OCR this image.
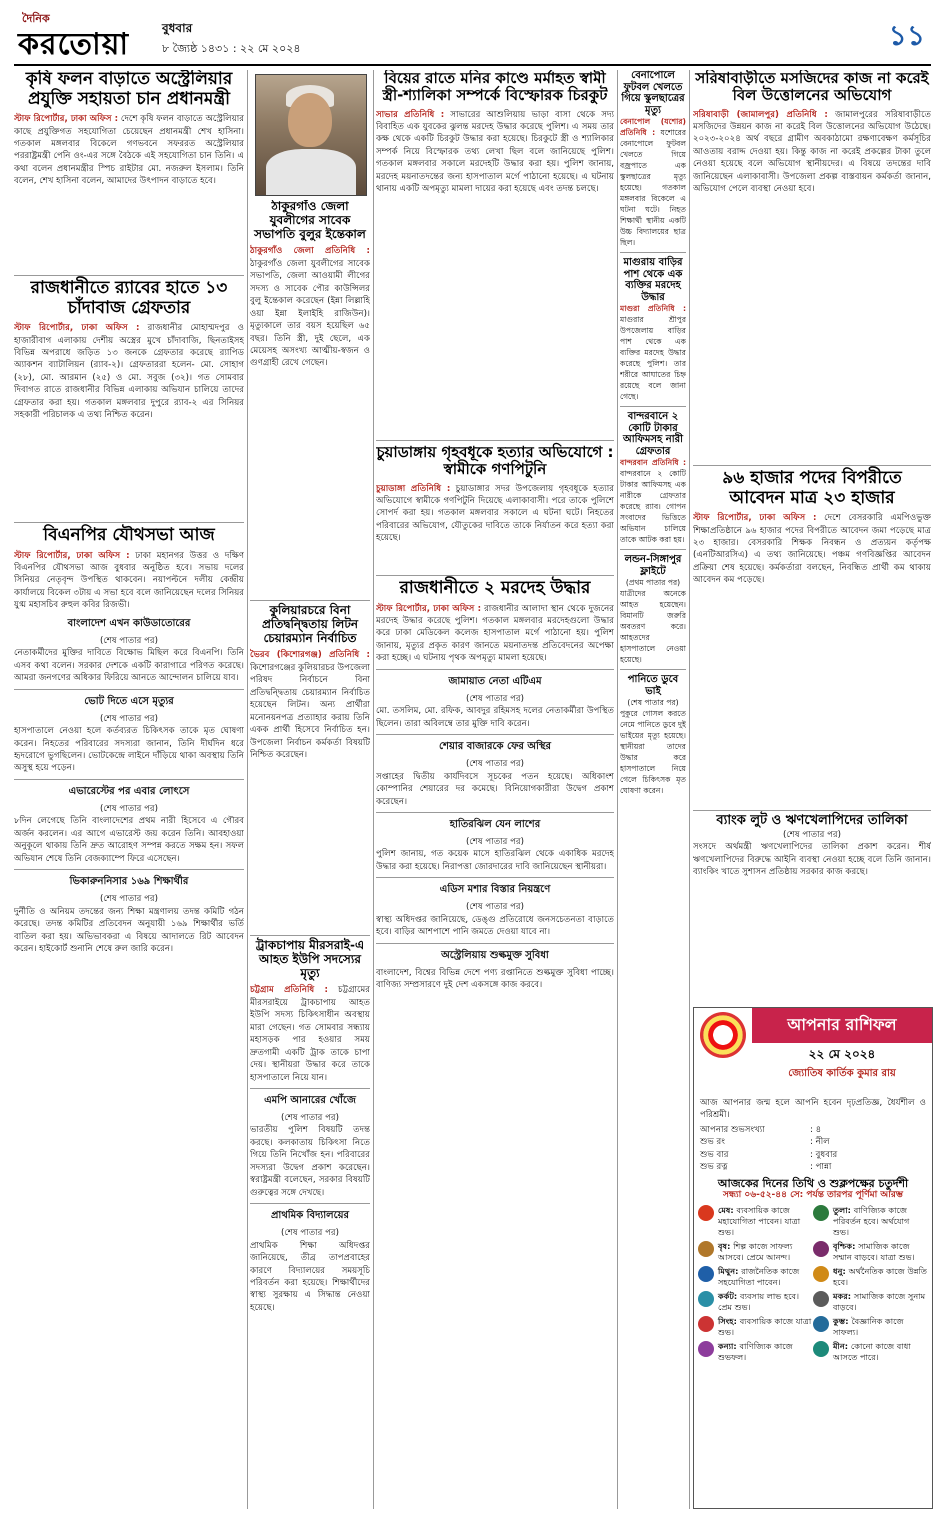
দৈনিক
করতোয়া	বুধবার
৮ জ্যৈষ্ঠ ১৪৩১ : ২২ মে ২০২৪	১১
কৃষি ফলন বাড়াতে অস্ট্রেলিয়ার প্রযুক্তি সহায়তা চান প্রধানমন্ত্রী
স্টাফ রিপোর্টার, ঢাকা অফিস : দেশে কৃষি ফলন বাড়াতে অস্ট্রেলিয়ার কাছে প্রযুক্তিগত সহযোগিতা চেয়েছেন প্রধানমন্ত্রী শেখ হাসিনা। গতকাল মঙ্গলবার বিকেলে গণভবনে সফররত অস্ট্রেলিয়ার পররাষ্ট্রমন্ত্রী পেনি ওং-এর সঙ্গে বৈঠকে এই সহযোগিতা চান তিনি। এ কথা বলেন প্রধানমন্ত্রীর স্পিচ রাইটার মো. নজরুল ইসলাম। তিনি বলেন, শেখ হাসিনা বলেন, আমাদের উৎপাদন বাড়াতে হবে।
রাজধানীতে র‍্যাবের হাতে ১৩ চাঁদাবাজ গ্রেফতার
স্টাফ রিপোর্টার, ঢাকা অফিস : রাজধানীর মোহাম্মদপুর ও হাজারীবাগ এলাকায় দেশীয় অস্ত্রের মুখে চাঁদাবাজি, ছিনতাইসহ বিভিন্ন অপরাধে জড়িত ১৩ জনকে গ্রেফতার করেছে র‍্যাপিড অ্যাকশন ব্যাটালিয়ন (র‍্যাব-২)। গ্রেফতাররা হলেন- মো. সোহাগ (২৮), মো. আরমান (২৫) ও মো. সবুজ (৩২)। গত সোমবার দিবাগত রাতে রাজধানীর বিভিন্ন এলাকায় অভিযান চালিয়ে তাদের গ্রেফতার করা হয়। গতকাল মঙ্গলবার দুপুরে র‍্যাব-২ এর সিনিয়র সহকারী পরিচালক এ তথ্য নিশ্চিত করেন।
বিএনপির যৌথসভা আজ
স্টাফ রিপোর্টার, ঢাকা অফিস : ঢাকা মহানগর উত্তর ও দক্ষিণ বিএনপির যৌথসভা আজ বুধবার অনুষ্ঠিত হবে। সভায় দলের সিনিয়র নেতৃবৃন্দ উপস্থিত থাকবেন। নয়াপল্টনে দলীয় কেন্দ্রীয় কার্যালয়ে বিকেল ৩টায় এ সভা হবে বলে জানিয়েছেন দলের সিনিয়র যুগ্ম মহাসচিব রুহুল কবির রিজভী।
বাংলাদেশ এখন কাউডাতোরের
(শেষ পাতার পর)
নেতাকর্মীদের মুক্তির দাবিতে বিক্ষোভ মিছিল করে বিএনপি। তিনি এসব কথা বলেন। সরকার দেশকে একটি কারাগারে পরিণত করেছে। আমরা জনগণের অধিকার ফিরিয়ে আনতে আন্দোলন চালিয়ে যাব।
ভোট দিতে এসে মৃত্যুর
(শেষ পাতার পর)
হাসপাতালে নেওয়া হলে কর্তব্যরত চিকিৎসক তাকে মৃত ঘোষণা করেন। নিহতের পরিবারের সদস্যরা জানান, তিনি দীর্ঘদিন ধরে হৃদরোগে ভুগছিলেন। ভোটকেন্দ্রে লাইনে দাঁড়িয়ে থাকা অবস্থায় তিনি অসুস্থ হয়ে পড়েন।
এভারেস্টের পর এবার লোৎসে
(শেষ পাতার পর)
৮দিন লেগেছে তিনি বাংলাদেশের প্রথম নারী হিসেবে এ গৌরব অর্জন করলেন। এর আগে এভারেস্ট জয় করেন তিনি। আবহাওয়া অনুকূলে থাকায় তিনি দ্রুত আরোহণ সম্পন্ন করতে সক্ষম হন। সফল অভিযান শেষে তিনি বেজক্যাম্পে ফিরে এসেছেন।
ভিকারুননিসার ১৬৯ শিক্ষার্থীর
(শেষ পাতার পর)
দুর্নীতি ও অনিয়ম তদন্তের জন্য শিক্ষা মন্ত্রণালয় তদন্ত কমিটি গঠন করেছে। তদন্ত কমিটির প্রতিবেদন অনুযায়ী ১৬৯ শিক্ষার্থীর ভর্তি বাতিল করা হয়। অভিভাবকরা এ বিষয়ে আদালতে রিট আবেদন করেন। হাইকোর্ট শুনানি শেষে রুল জারি করেন।
ঠাকুরগাঁও জেলা যুবলীগের সাবেক সভাপতি বুলুর ইন্তেকাল
ঠাকুরগাঁও জেলা প্রতিনিধি : ঠাকুরগাঁও জেলা যুবলীগের সাবেক সভাপতি, জেলা আওয়ামী লীগের সদস্য ও সাবেক পৌর কাউন্সিলর বুলু ইন্তেকাল করেছেন (ইন্না লিল্লাহি ওয়া ইন্না ইলাইহি রাজিউন)। মৃত্যুকালে তার বয়স হয়েছিল ৬৫ বছর। তিনি স্ত্রী, দুই ছেলে, এক মেয়েসহ অসংখ্য আত্মীয়-স্বজন ও গুণগ্রাহী রেখে গেছেন।
কুলিয়ারচরে বিনা প্রতিদ্বন্দ্বিতায় লিটন চেয়ারম্যান নির্বাচিত
ভৈরব (কিশোরগঞ্জ) প্রতিনিধি : কিশোরগঞ্জের কুলিয়ারচর উপজেলা পরিষদ নির্বাচনে বিনা প্রতিদ্বন্দ্বিতায় চেয়ারম্যান নির্বাচিত হয়েছেন লিটন। অন্য প্রার্থীরা মনোনয়নপত্র প্রত্যাহার করায় তিনি একক প্রার্থী হিসেবে নির্বাচিত হন। উপজেলা নির্বাচন কর্মকর্তা বিষয়টি নিশ্চিত করেছেন।
ট্রাকচাপায় মীরসরাই-এ আহত ইউপি সদস্যের মৃত্যু
চট্টগ্রাম প্রতিনিধি : চট্টগ্রামের মীরসরাইয়ে ট্রাকচাপায় আহত ইউপি সদস্য চিকিৎসাধীন অবস্থায় মারা গেছেন। গত সোমবার সন্ধ্যায় মহাসড়ক পার হওয়ার সময় দ্রুতগামী একটি ট্রাক তাকে চাপা দেয়। স্থানীয়রা উদ্ধার করে তাকে হাসপাতালে নিয়ে যান।
এমপি আনারের খোঁজে
(শেষ পাতার পর)
ভারতীয় পুলিশ বিষয়টি তদন্ত করছে। কলকাতায় চিকিৎসা নিতে গিয়ে তিনি নিখোঁজ হন। পরিবারের সদস্যরা উদ্বেগ প্রকাশ করেছেন। স্বরাষ্ট্রমন্ত্রী বলেছেন, সরকার বিষয়টি গুরুত্বের সঙ্গে দেখছে।
প্রাথমিক বিদ্যালয়ের
(শেষ পাতার পর)
প্রাথমিক শিক্ষা অধিদপ্তর জানিয়েছে, তীব্র তাপপ্রবাহের কারণে বিদ্যালয়ের সময়সূচি পরিবর্তন করা হয়েছে। শিক্ষার্থীদের স্বাস্থ্য সুরক্ষায় এ সিদ্ধান্ত নেওয়া হয়েছে।
বিয়ের রাতে মনির কাণ্ডে মর্মাহত স্বামী স্ত্রী-শ্যালিকা সম্পর্কে বিস্ফোরক চিরকুট
সাভার প্রতিনিধি : সাভারের আশুলিয়ায় ভাড়া বাসা থেকে সদ্য বিবাহিত এক যুবকের ঝুলন্ত মরদেহ উদ্ধার করেছে পুলিশ। এ সময় তার কক্ষ থেকে একটি চিরকুট উদ্ধার করা হয়েছে। চিরকুটে স্ত্রী ও শ্যালিকার সম্পর্ক নিয়ে বিস্ফোরক তথ্য লেখা ছিল বলে জানিয়েছে পুলিশ। গতকাল মঙ্গলবার সকালে মরদেহটি উদ্ধার করা হয়। পুলিশ জানায়, মরদেহ ময়নাতদন্তের জন্য হাসপাতাল মর্গে পাঠানো হয়েছে। এ ঘটনায় থানায় একটি অপমৃত্যু মামলা দায়ের করা হয়েছে এবং তদন্ত চলছে।
চুয়াডাঙ্গায় গৃহবধূকে হত্যার অভিযোগে : স্বামীকে গণপিটুনি
চুয়াডাঙ্গা প্রতিনিধি : চুয়াডাঙ্গার সদর উপজেলায় গৃহবধূকে হত্যার অভিযোগে স্বামীকে গণপিটুনি দিয়েছে এলাকাবাসী। পরে তাকে পুলিশে সোপর্দ করা হয়। গতকাল মঙ্গলবার সকালে এ ঘটনা ঘটে। নিহতের পরিবারের অভিযোগ, যৌতুকের দাবিতে তাকে নির্যাতন করে হত্যা করা হয়েছে।
রাজধানীতে ২ মরদেহ উদ্ধার
স্টাফ রিপোর্টার, ঢাকা অফিস : রাজধানীর আলাদা স্থান থেকে দুজনের মরদেহ উদ্ধার করেছে পুলিশ। গতকাল মঙ্গলবার মরদেহগুলো উদ্ধার করে ঢাকা মেডিকেল কলেজ হাসপাতাল মর্গে পাঠানো হয়। পুলিশ জানায়, মৃত্যুর প্রকৃত কারণ জানতে ময়নাতদন্ত প্রতিবেদনের অপেক্ষা করা হচ্ছে। এ ঘটনায় পৃথক অপমৃত্যু মামলা হয়েছে।
জামায়াত নেতা এটিএম
(শেষ পাতার পর)
মো. তসলিম, মো. রফিক, আবদুর রহিমসহ দলের নেতাকর্মীরা উপস্থিত ছিলেন। তারা অবিলম্বে তার মুক্তি দাবি করেন।
শেয়ার বাজারকে ফের অস্থির
(শেষ পাতার পর)
সপ্তাহের দ্বিতীয় কার্যদিবসে সূচকের পতন হয়েছে। অধিকাংশ কোম্পানির শেয়ারের দর কমেছে। বিনিয়োগকারীরা উদ্বেগ প্রকাশ করেছেন।
হাতিরঝিল যেন লাশের
(শেষ পাতার পর)
পুলিশ জানায়, গত কয়েক মাসে হাতিরঝিল থেকে একাধিক মরদেহ উদ্ধার করা হয়েছে। নিরাপত্তা জোরদারের দাবি জানিয়েছেন স্থানীয়রা।
এডিস মশার বিস্তার নিয়ন্ত্রণে
(শেষ পাতার পর)
স্বাস্থ্য অধিদপ্তর জানিয়েছে, ডেঙ্গু প্রতিরোধে জনসচেতনতা বাড়াতে হবে। বাড়ির আশপাশে পানি জমতে দেওয়া যাবে না।
অস্ট্রেলিয়ায় শুল্কমুক্ত সুবিধা
বাংলাদেশ, বিশ্বের বিভিন্ন দেশে পণ্য রপ্তানিতে শুল্কমুক্ত সুবিধা পাচ্ছে। বাণিজ্য সম্প্রসারণে দুই দেশ একসঙ্গে কাজ করবে।
বেনাপোলে ফুটবল খেলতে গিয়ে স্কুলছাত্রের মৃত্যু
বেনাপোল (যশোর) প্রতিনিধি : যশোরের বেনাপোলে ফুটবল খেলতে গিয়ে বজ্রপাতে এক স্কুলছাত্রের মৃত্যু হয়েছে। গতকাল মঙ্গলবার বিকেলে এ ঘটনা ঘটে। নিহত শিক্ষার্থী স্থানীয় একটি উচ্চ বিদ্যালয়ের ছাত্র ছিল।
মাগুরায় বাড়ির পাশ থেকে এক ব্যক্তির মরদেহ উদ্ধার
মাগুরা প্রতিনিধি : মাগুরার শ্রীপুর উপজেলায় বাড়ির পাশ থেকে এক ব্যক্তির মরদেহ উদ্ধার করেছে পুলিশ। তার শরীরে আঘাতের চিহ্ন রয়েছে বলে জানা গেছে।
বান্দরবানে ২ কোটি টাকার আফিমসহ নারী গ্রেফতার
বান্দরবান প্রতিনিধি : বান্দরবানে ২ কোটি টাকার আফিমসহ এক নারীকে গ্রেফতার করেছে র‍্যাব। গোপন সংবাদের ভিত্তিতে অভিযান চালিয়ে তাকে আটক করা হয়।
লন্ডন-সিঙ্গাপুর ফ্লাইটে
(প্রথম পাতার পর)
যাত্রীদের অনেকে আহত হয়েছেন। বিমানটি জরুরি অবতরণ করে। আহতদের হাসপাতালে নেওয়া হয়েছে।
পানিতে ডুবে ভাই
(শেষ পাতার পর)
পুকুরে গোসল করতে নেমে পানিতে ডুবে দুই ভাইয়ের মৃত্যু হয়েছে। স্থানীয়রা তাদের উদ্ধার করে হাসপাতালে নিয়ে গেলে চিকিৎসক মৃত ঘোষণা করেন।
সরিষাবাড়ীতে মসজিদের কাজ না করেই বিল উত্তোলনের অভিযোগ
সরিষাবাড়ী (জামালপুর) প্রতিনিধি : জামালপুরের সরিষাবাড়ীতে মসজিদের উন্নয়ন কাজ না করেই বিল উত্তোলনের অভিযোগ উঠেছে। ২০২৩-২০২৪ অর্থ বছরে গ্রামীণ অবকাঠামো রক্ষণাবেক্ষণ কর্মসূচির আওতায় বরাদ্দ দেওয়া হয়। কিন্তু কাজ না করেই প্রকল্পের টাকা তুলে নেওয়া হয়েছে বলে অভিযোগ স্থানীয়দের। এ বিষয়ে তদন্তের দাবি জানিয়েছেন এলাকাবাসী। উপজেলা প্রকল্প বাস্তবায়ন কর্মকর্তা জানান, অভিযোগ পেলে ব্যবস্থা নেওয়া হবে।
৯৬ হাজার পদের বিপরীতে আবেদন মাত্র ২৩ হাজার
স্টাফ রিপোর্টার, ঢাকা অফিস : দেশে বেসরকারি এমপিওভুক্ত শিক্ষাপ্রতিষ্ঠানে ৯৬ হাজার পদের বিপরীতে আবেদন জমা পড়েছে মাত্র ২৩ হাজার। বেসরকারি শিক্ষক নিবন্ধন ও প্রত্যয়ন কর্তৃপক্ষ (এনটিআরসিএ) এ তথ্য জানিয়েছে। পঞ্চম গণবিজ্ঞপ্তির আবেদন প্রক্রিয়া শেষ হয়েছে। কর্মকর্তারা বলছেন, নিবন্ধিত প্রার্থী কম থাকায় আবেদন কম পড়েছে।
ব্যাংক লুট ও ঋণখেলাপিদের তালিকা
(শেষ পাতার পর)
সংসদে অর্থমন্ত্রী ঋণখেলাপিদের তালিকা প্রকাশ করেন। শীর্ষ ঋণখেলাপিদের বিরুদ্ধে আইনি ব্যবস্থা নেওয়া হচ্ছে বলে তিনি জানান। ব্যাংকিং খাতে সুশাসন প্রতিষ্ঠায় সরকার কাজ করছে।
আপনার রাশিফল
২২ মে ২০২৪
জ্যোতিষ কার্তিক কুমার রায়
আজ আপনার জন্ম হলে আপনি হবেন দৃঢ়প্রতিজ্ঞ, ধৈর্যশীল ও পরিশ্রমী।
আপনার শুভসংখ্যা	: ৪
শুভ রং	: নীল
শুভ বার	: বুধবার
শুভ রত্ন	: পান্না
আজকের দিনের তিথি ও শুক্লপক্ষের চতুর্দশী
সন্ধ্যা ০৬-৫২-৪৪ সে: পর্যন্ত তারপর পূর্ণিমা আরম্ভ
মেষ: ব্যবসায়িক কাজে মহাযোগিতা পাবেন। যাত্রা শুভ।
তুলা: বাণিজ্যিক কাজে পরিবর্তন হবে। অর্থযোগ শুভ।
বৃষ: শিল্প কাজে সাফল্য আসবে। প্রেমে আনন্দ।
বৃশ্চিক: সামাজিক কাজে সম্মান বাড়বে। যাত্রা শুভ।
মিথুন: রাজনৈতিক কাজে সহযোগিতা পাবেন।
ধনু: অর্থনৈতিক কাজে উন্নতি হবে।
কর্কট: ব্যবসায় লাভ হবে। প্রেম শুভ।
মকর: সামাজিক কাজে সুনাম বাড়বে।
সিংহ: ব্যবসায়িক কাজে যাত্রা শুভ।
কুম্ভ: বৈজ্ঞানিক কাজে সাফল্য।
কন্যা: বাণিজ্যিক কাজে শুভফল।
মীন: কোনো কাজে বাধা আসতে পারে।
